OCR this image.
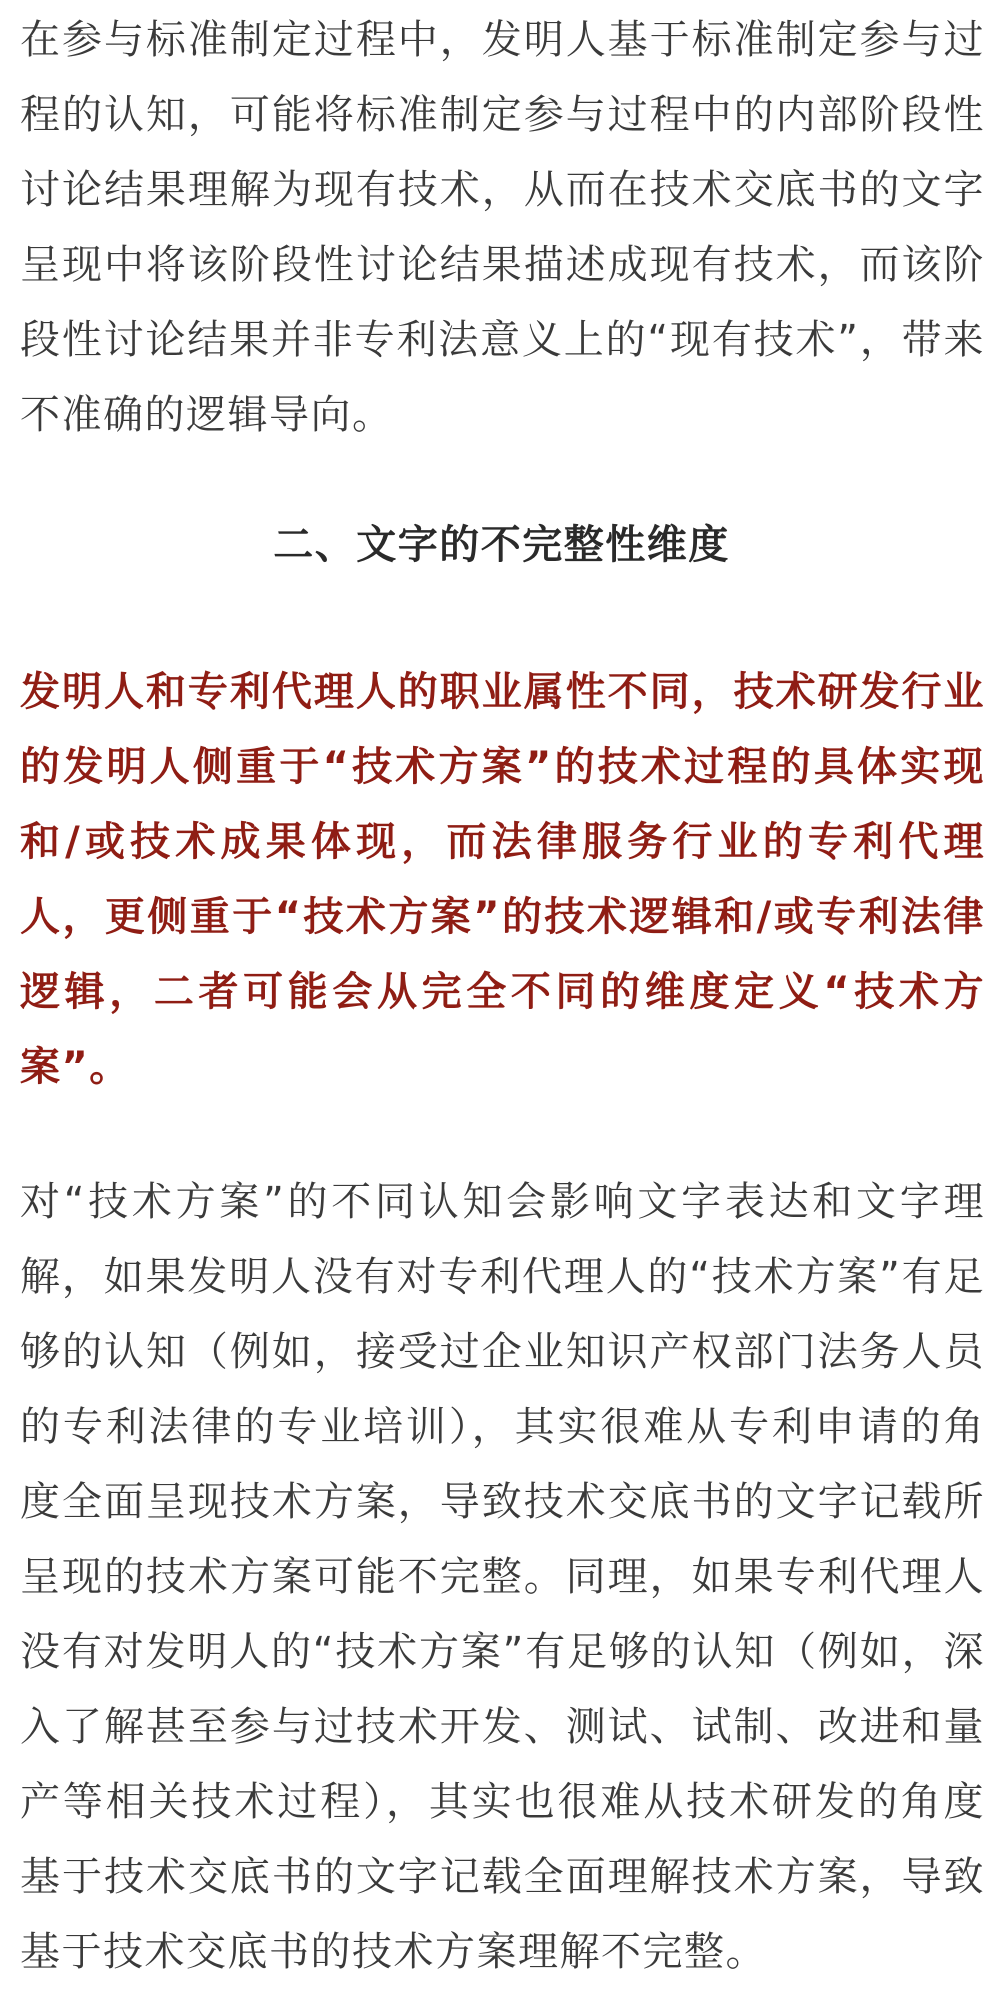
在参与标准制定过程中，发明人基于标准制定参与过程的认知，可能将标准制定参与过程中的内部阶段性讨论结果理解为现有技术，从而在技术交底书的文字呈现中将该阶段性讨论结果描述成现有技术，而该阶段性讨论结果并非专利法意义上的“现有技术”，带来不准确的逻辑导向。

二、文字的不完整性维度

发明人和专利代理人的职业属性不同，技术研发行业的发明人侧重于“技术方案”的技术过程的具体实现和/或技术成果体现，而法律服务行业的专利代理人，更侧重于“技术方案”的技术逻辑和/或专利法律逻辑，二者可能会从完全不同的维度定义“技术方案”。

对“技术方案”的不同认知会影响文字表达和文字理解，如果发明人没有对专利代理人的“技术方案”有足够的认知（例如，接受过企业知识产权部门法务人员的专利法律的专业培训），其实很难从专利申请的角度全面呈现技术方案，导致技术交底书的文字记载所呈现的技术方案可能不完整。同理，如果专利代理人没有对发明人的“技术方案”有足够的认知（例如，深入了解甚至参与过技术开发、测试、试制、改进和量产等相关技术过程），其实也很难从技术研发的角度基于技术交底书的文字记载全面理解技术方案，导致基于技术交底书的技术方案理解不完整。
